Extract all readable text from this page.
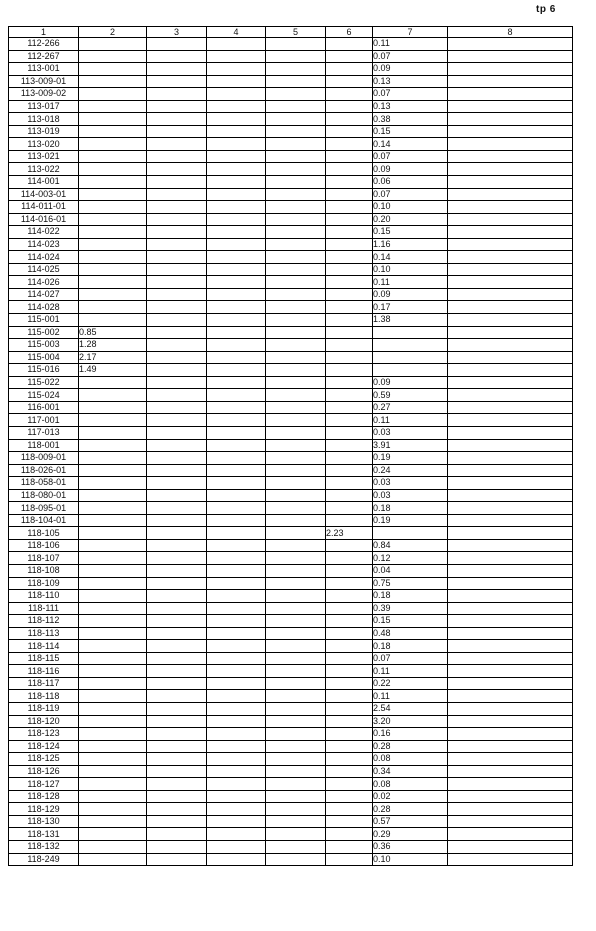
tp 6
1	2	3	4	5	6	7	8
112-266						0.11	
112-267						0.07	
113-001						0.09	
113-009-01						0.13	
113-009-02						0.07	
113-017						0.13	
113-018						0.38	
113-019						0.15	
113-020						0.14	
113-021						0.07	
113-022						0.09	
114-001						0.06	
114-003-01						0.07	
114-011-01						0.10	
114-016-01						0.20	
114-022						0.15	
114-023						1.16	
114-024						0.14	
114-025						0.10	
114-026						0.11	
114-027						0.09	
114-028						0.17	
115-001						1.38	
115-002	0.85						
115-003	1.28						
115-004	2.17						
115-016	1.49						
115-022						0.09	
115-024						0.59	
116-001						0.27	
117-001						0.11	
117-013						0.03	
118-001						3.91	
118-009-01						0.19	
118-026-01						0.24	
118-058-01						0.03	
118-080-01						0.03	
118-095-01						0.18	
118-104-01						0.19	
118-105					2.23		
118-106						0.84	
118-107						0.12	
118-108						0.04	
118-109						0.75	
118-110						0.18	
118-111						0.39	
118-112						0.15	
118-113						0.48	
118-114						0.18	
118-115						0.07	
118-116						0.11	
118-117						0.22	
118-118						0.11	
118-119						2.54	
118-120						3.20	
118-123						0.16	
118-124						0.28	
118-125						0.08	
118-126						0.34	
118-127						0.08	
118-128						0.02	
118-129						0.28	
118-130						0.57	
118-131						0.29	
118-132						0.36	
118-249						0.10	
